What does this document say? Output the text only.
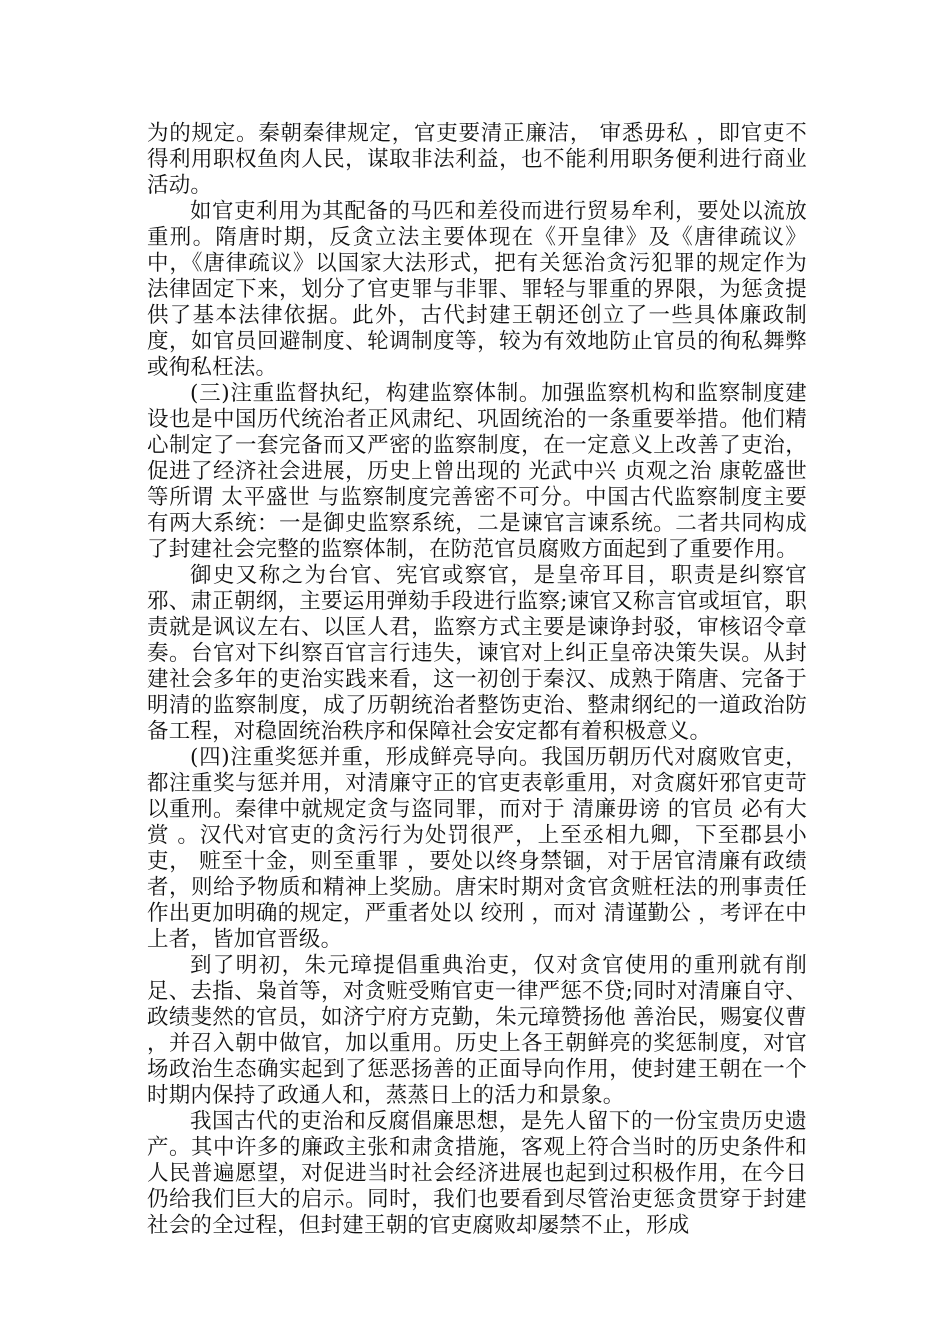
为的规定。秦朝秦律规定，官吏要清正廉洁， 审悉毋私 ，即官吏不得利用职权鱼肉人民，谋取非法利益，也不能利用职务便利进行商业活动。

如官吏利用为其配备的马匹和差役而进行贸易牟利，要处以流放重刑。隋唐时期，反贪立法主要体现在《开皇律》及《唐律疏议》中，《唐律疏议》以国家大法形式，把有关惩治贪污犯罪的规定作为法律固定下来，划分了官吏罪与非罪、罪轻与罪重的界限，为惩贪提供了基本法律依据。此外，古代封建王朝还创立了一些具体廉政制度，如官员回避制度、轮调制度等，较为有效地防止官员的徇私舞弊或徇私枉法。

(三)注重监督执纪，构建监察体制。加强监察机构和监察制度建设也是中国历代统治者正风肃纪、巩固统治的一条重要举措。他们精心制定了一套完备而又严密的监察制度，在一定意义上改善了吏治，促进了经济社会进展，历史上曾出现的 光武中兴 贞观之治 康乾盛世 等所谓 太平盛世 与监察制度完善密不可分。中国古代监察制度主要有两大系统：一是御史监察系统，二是谏官言谏系统。二者共同构成了封建社会完整的监察体制，在防范官员腐败方面起到了重要作用。

御史又称之为台官、宪官或察官，是皇帝耳目，职责是纠察官邪、肃正朝纲，主要运用弹劾手段进行监察;谏官又称言官或垣官，职责就是讽议左右、以匡人君，监察方式主要是谏诤封驳，审核诏令章奏。台官对下纠察百官言行违失，谏官对上纠正皇帝决策失误。从封建社会多年的吏治实践来看，这一初创于秦汉、成熟于隋唐、完备于明清的监察制度，成了历朝统治者整饬吏治、整肃纲纪的一道政治防备工程，对稳固统治秩序和保障社会安定都有着积极意义。

(四)注重奖惩并重，形成鲜亮导向。我国历朝历代对腐败官吏，都注重奖与惩并用，对清廉守正的官吏表彰重用，对贪腐奸邪官吏苛以重刑。秦律中就规定贪与盗同罪，而对于 清廉毋谤 的官员 必有大赏 。汉代对官吏的贪污行为处罚很严，上至丞相九卿，下至郡县小吏， 赃至十金，则至重罪 ，要处以终身禁锢，对于居官清廉有政绩者，则给予物质和精神上奖励。唐宋时期对贪官贪赃枉法的刑事责任作出更加明确的规定，严重者处以 绞刑 ，而对 清谨勤公 ，考评在中上者，皆加官晋级。

到了明初，朱元璋提倡重典治吏，仅对贪官使用的重刑就有削足、去指、枭首等，对贪赃受贿官吏一律严惩不贷;同时对清廉自守、政绩斐然的官员，如济宁府方克勤，朱元璋赞扬他 善治民，赐宴仪曹 ，并召入朝中做官，加以重用。历史上各王朝鲜亮的奖惩制度，对官场政治生态确实起到了惩恶扬善的正面导向作用，使封建王朝在一个时期内保持了政通人和，蒸蒸日上的活力和景象。

我国古代的吏治和反腐倡廉思想，是先人留下的一份宝贵历史遗产。其中许多的廉政主张和肃贪措施，客观上符合当时的历史条件和人民普遍愿望，对促进当时社会经济进展也起到过积极作用，在今日仍给我们巨大的启示。同时，我们也要看到尽管治吏惩贪贯穿于封建社会的全过程，但封建王朝的官吏腐败却屡禁不止，形成
